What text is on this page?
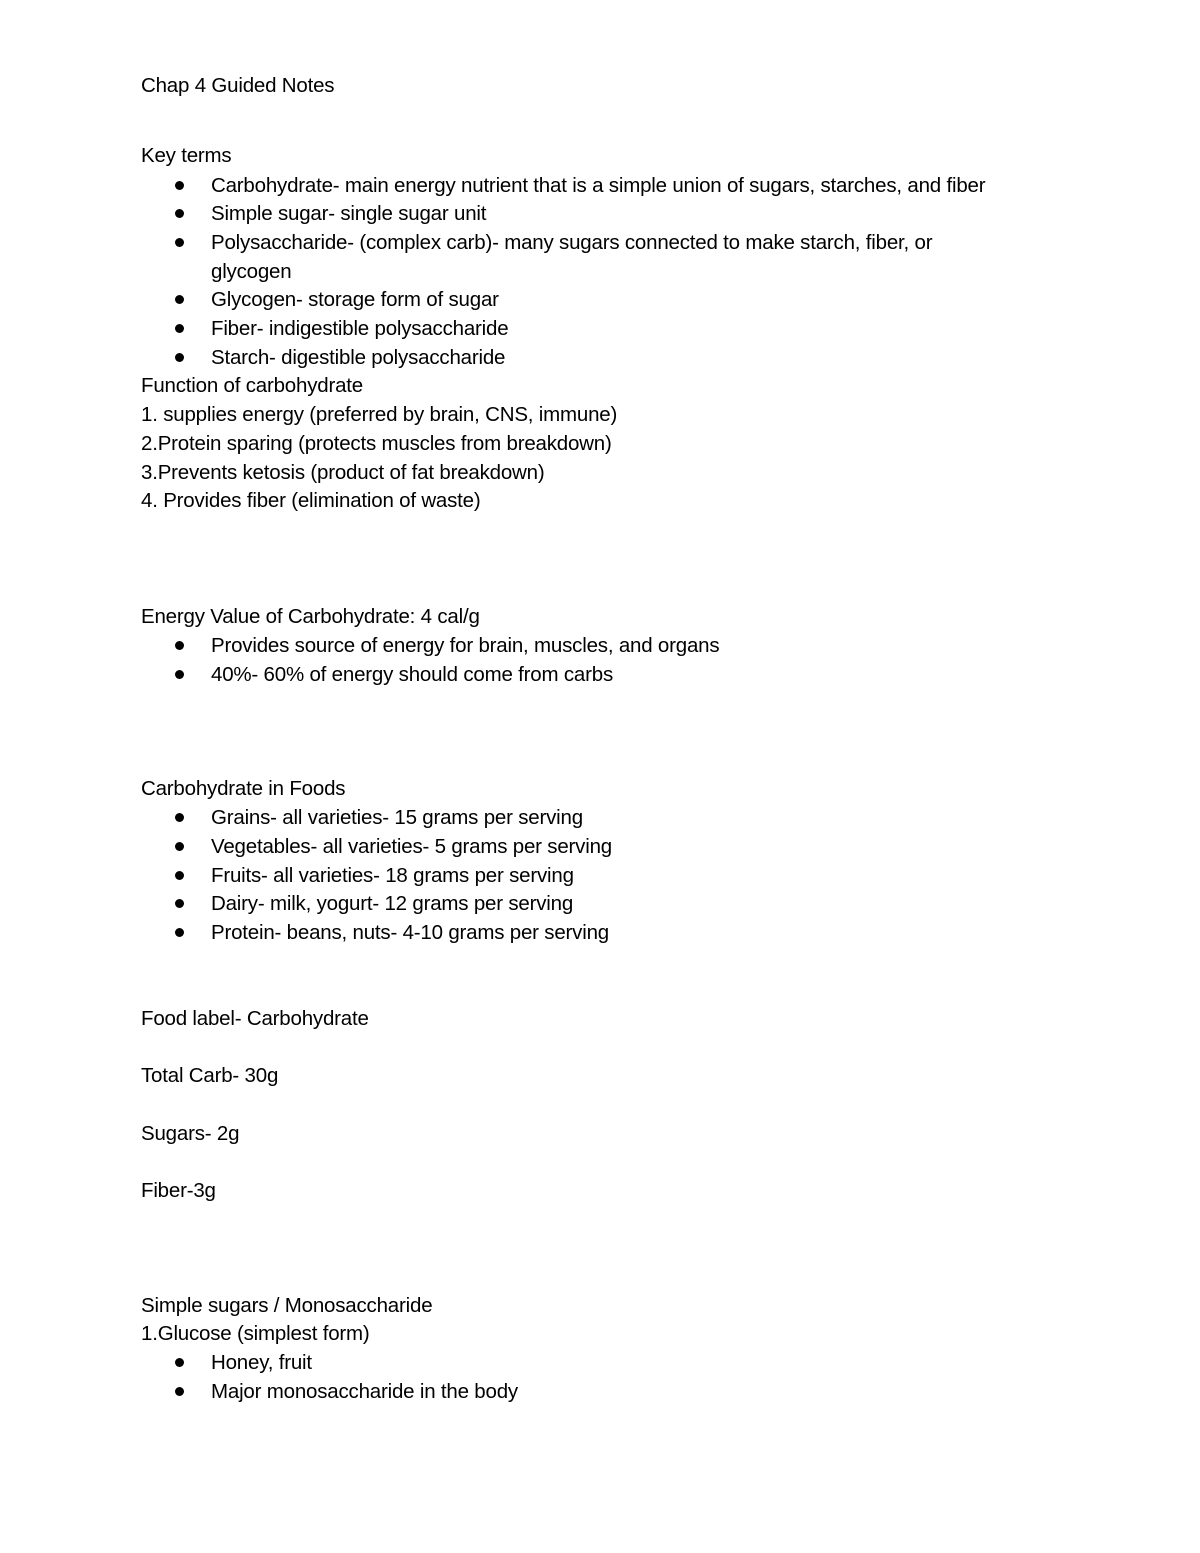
Chap 4 Guided Notes
Key terms
Carbohydrate- main energy nutrient that is a simple union of sugars, starches, and fiber
Simple sugar- single sugar unit
Polysaccharide- (complex carb)- many sugars connected to make starch, fiber, or
glycogen
Glycogen- storage form of sugar
Fiber- indigestible polysaccharide
Starch- digestible polysaccharide
Function of carbohydrate
1. supplies energy (preferred by brain, CNS, immune)
2.Protein sparing (protects muscles from breakdown)
3.Prevents ketosis (product of fat breakdown)
4. Provides fiber (elimination of waste)
Energy Value of Carbohydrate: 4 cal/g
Provides source of energy for brain, muscles, and organs
40%- 60% of energy should come from carbs
Carbohydrate in Foods
Grains- all varieties- 15 grams per serving
Vegetables- all varieties- 5 grams per serving
Fruits- all varieties- 18 grams per serving
Dairy- milk, yogurt- 12 grams per serving
Protein- beans, nuts- 4-10 grams per serving
Food label- Carbohydrate
Total Carb- 30g
Sugars- 2g
Fiber-3g
Simple sugars / Monosaccharide
1.Glucose (simplest form)
Honey, fruit
Major monosaccharide in the body
